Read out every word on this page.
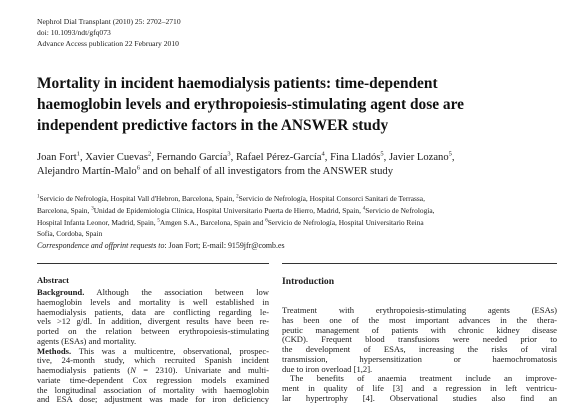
Nephrol Dial Transplant (2010) 25: 2702–2710
doi: 10.1093/ndt/gfq073
Advance Access publication 22 February 2010
Mortality in incident haemodialysis patients: time-dependent
haemoglobin levels and erythropoiesis-stimulating agent dose are
independent predictive factors in the ANSWER study
Joan Fort$^1$, Xavier Cuevas$^2$, Fernando García$^3$, Rafael Pérez-García$^4$, Fina Lladós$^5$, Javier Lozano$^5$,
Alejandro Martín-Malo$^6$ and on behalf of all investigators from the ANSWER study
$^1$Servicio de Nefrología, Hospital Vall d'Hebron, Barcelona, Spain, $^2$Servicio de Nefrología, Hospital Consorci Sanitari de Terrassa,
Barcelona, Spain, $^3$Unidad de Epidemiología Clínica, Hospital Universitario Puerta de Hierro, Madrid, Spain, $^4$Servicio de Nefrología,
Hospital Infanta Leonor, Madrid, Spain, $^5$Amgen S.A., Barcelona, Spain and $^6$Servicio de Nefrología, Hospital Universitario Reina
Sofía, Cordoba, Spain
Correspondence and offprint requests to: Joan Fort; E-mail: 9159jfr@comb.es
Abstract
Background. Although the association between low
haemoglobin levels and mortality is well established in
haemodialysis patients, data are conflicting regarding le-
vels >12 g/dl. In addition, divergent results have been re-
ported on the relation between erythropoiesis-stimulating
agents (ESAs) and mortality.
Methods. This was a multicentre, observational, prospec-
tive, 24-month study, which recruited Spanish incident
haemodialysis patients (N = 2310). Univariate and multi-
variate time-dependent Cox regression models examined
the longitudinal association of mortality with haemoglobin
and ESA dose; adjustment was made for iron deficiency
Introduction
Treatment with erythropoiesis-stimulating agents (ESAs)
has been one of the most important advances in the thera-
peutic management of patients with chronic kidney disease
(CKD). Frequent blood transfusions were needed prior to
the development of ESAs, increasing the risks of viral
transmission, hypersensitization or haemochromatosis
due to iron overload [1,2].
The benefits of anaemia treatment include an improve-
ment in quality of life [3] and a regression in left ventricu-
lar hypertrophy [4]. Observational studies also find an
